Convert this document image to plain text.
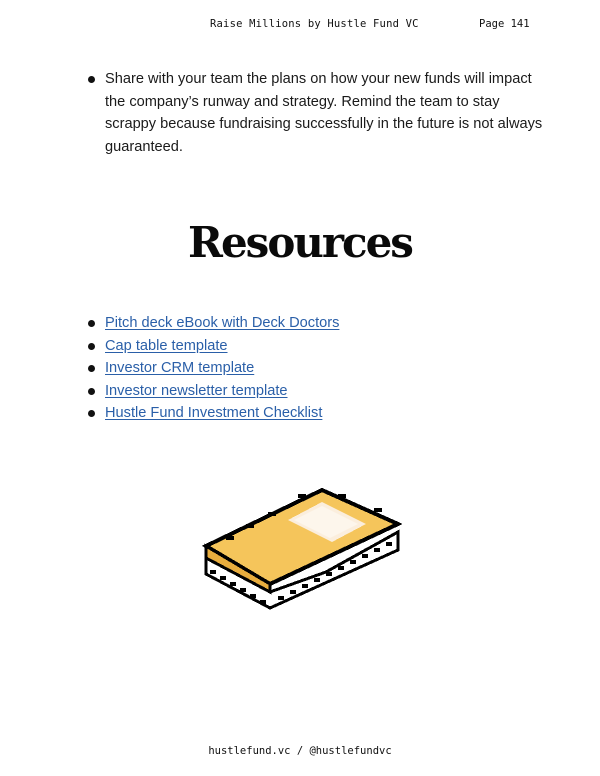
Raise Millions by Hustle Fund VC	Page 141
Share with your team the plans on how your new funds will impact the company’s runway and strategy. Remind the team to stay scrappy because fundraising successfully in the future is not always guaranteed.
Resources
Pitch deck eBook with Deck Doctors
Cap table template
Investor CRM template
Investor newsletter template
Hustle Fund Investment Checklist
hustlefund.vc / @hustlefundvc
